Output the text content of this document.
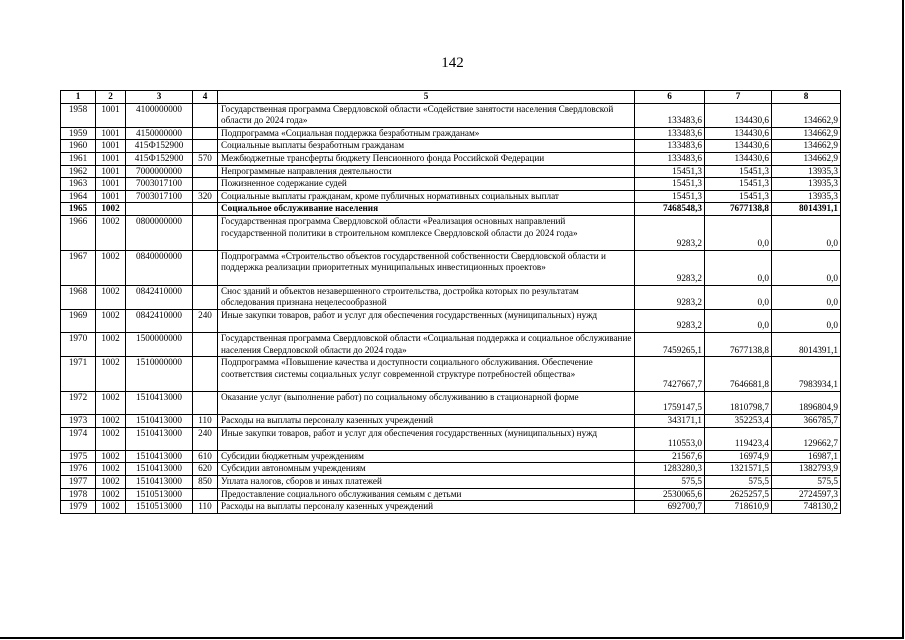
142
1	2	3	4	5	6	7	8
1958	1001	4100000000		Государственная программа Свердловской области «Содействие занятости населения Свердловской области до 2024 года»	133483,6	134430,6	134662,9
1959	1001	4150000000		Подпрограмма «Социальная поддержка безработным гражданам»	133483,6	134430,6	134662,9
1960	1001	415Ф152900		Социальные выплаты безработным гражданам	133483,6	134430,6	134662,9
1961	1001	415Ф152900	570	Межбюджетные трансферты бюджету Пенсионного фонда Российской Федерации	133483,6	134430,6	134662,9
1962	1001	7000000000		Непрограммные направления деятельности	15451,3	15451,3	13935,3
1963	1001	7003017100		Пожизненное содержание судей	15451,3	15451,3	13935,3
1964	1001	7003017100	320	Социальные выплаты гражданам, кроме публичных нормативных социальных выплат	15451,3	15451,3	13935,3
1965	1002			Социальное обслуживание населения	7468548,3	7677138,8	8014391,1
1966	1002	0800000000		Государственная программа Свердловской области «Реализация основных направлений государственной политики в строительном комплексе Свердловской области до 2024 года»	9283,2	0,0	0,0
1967	1002	0840000000		Подпрограмма «Строительство объектов государственной собственности Свердловской области и поддержка реализации приоритетных муниципальных инвестиционных проектов»	9283,2	0,0	0,0
1968	1002	0842410000		Снос зданий и объектов незавершенного строительства, достройка которых по результатам обследования признана нецелесообразной	9283,2	0,0	0,0
1969	1002	0842410000	240	Иные закупки товаров, работ и услуг для обеспечения государственных (муниципальных) нужд	9283,2	0,0	0,0
1970	1002	1500000000		Государственная программа Свердловской области «Социальная поддержка и социальное обслуживание населения Свердловской области до 2024 года»	7459265,1	7677138,8	8014391,1
1971	1002	1510000000		Подпрограмма «Повышение качества и доступности социального обслуживания. Обеспечение соответствия системы социальных услуг современной структуре потребностей общества»	7427667,7	7646681,8	7983934,1
1972	1002	1510413000		Оказание услуг (выполнение работ) по социальному обслуживанию в стационарной форме	1759147,5	1810798,7	1896804,9
1973	1002	1510413000	110	Расходы на выплаты персоналу казенных учреждений	343171,1	352253,4	366785,7
1974	1002	1510413000	240	Иные закупки товаров, работ и услуг для обеспечения государственных (муниципальных) нужд	110553,0	119423,4	129662,7
1975	1002	1510413000	610	Субсидии бюджетным учреждениям	21567,6	16974,9	16987,1
1976	1002	1510413000	620	Субсидии автономным учреждениям	1283280,3	1321571,5	1382793,9
1977	1002	1510413000	850	Уплата налогов, сборов и иных платежей	575,5	575,5	575,5
1978	1002	1510513000		Предоставление социального обслуживания семьям с детьми	2530065,6	2625257,5	2724597,3
1979	1002	1510513000	110	Расходы на выплаты персоналу казенных учреждений	692700,7	718610,9	748130,2
